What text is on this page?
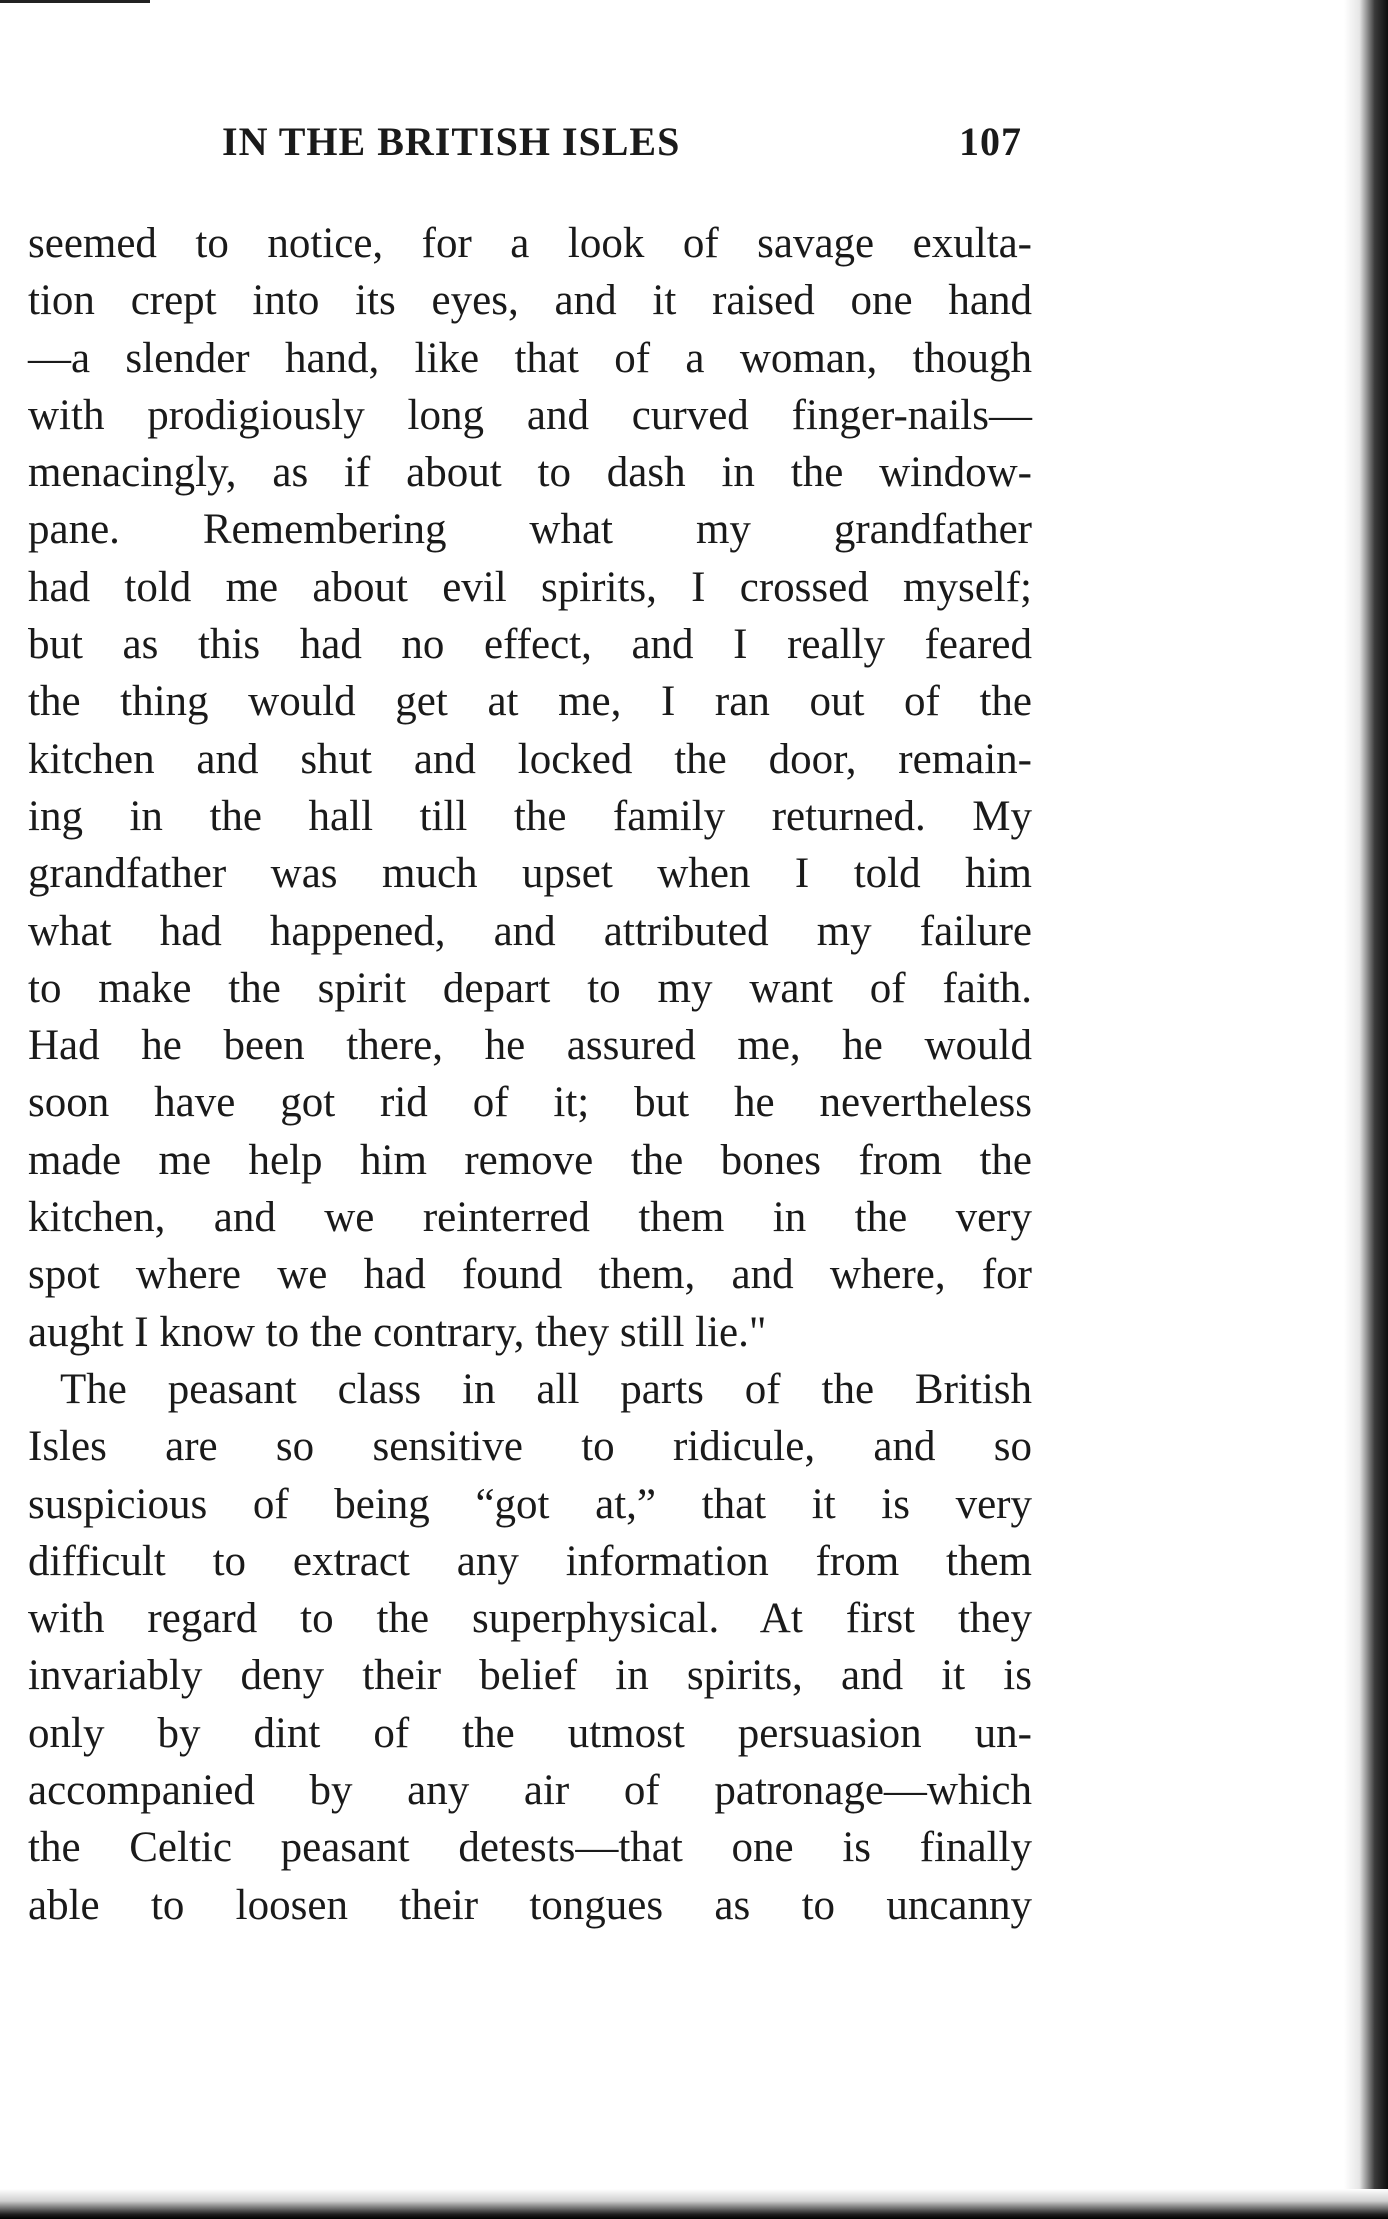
IN THE BRITISH ISLES	107
seemed to notice, for a look of savage exulta-
tion crept into its eyes, and it raised one hand
—a slender hand, like that of a woman, though
with prodigiously long and curved finger-nails—
menacingly, as if about to dash in the window-
pane. Remembering what my grandfather
had told me about evil spirits, I crossed myself;
but as this had no effect, and I really feared
the thing would get at me, I ran out of the
kitchen and shut and locked the door, remain-
ing in the hall till the family returned. My
grandfather was much upset when I told him
what had happened, and attributed my failure
to make the spirit depart to my want of faith.
Had he been there, he assured me, he would
soon have got rid of it; but he nevertheless
made me help him remove the bones from the
kitchen, and we reinterred them in the very
spot where we had found them, and where, for
aught I know to the contrary, they still lie."
The peasant class in all parts of the British
Isles are so sensitive to ridicule, and so
suspicious of being “got at,” that it is very
difficult to extract any information from them
with regard to the superphysical. At first they
invariably deny their belief in spirits, and it is
only by dint of the utmost persuasion un-
accompanied by any air of patronage—which
the Celtic peasant detests—that one is finally
able to loosen their tongues as to uncanny
